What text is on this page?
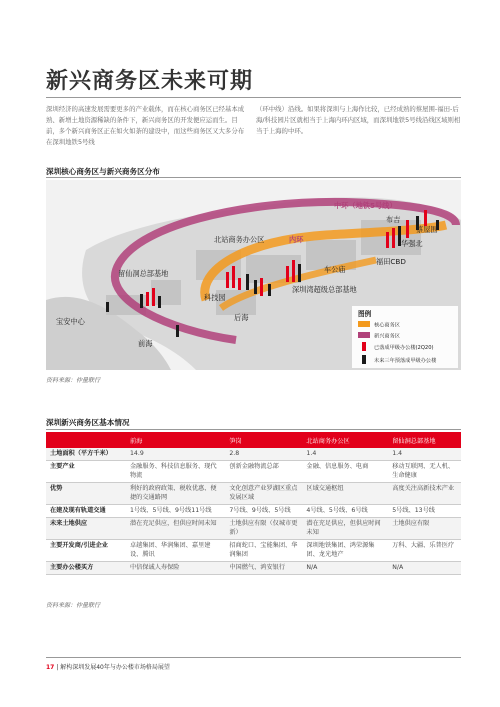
新兴商务区未来可期
深圳经济的高速发展需要更多的产业载体，而在核心商务区已经基本成熟、新增土地资源稀缺的条件下，新兴商务区的开发便应运而生。目前，多个新兴商务区正在如火如荼的建设中，而这些商务区又大多分布在深圳地铁5号线
（环中线）沿线。如果将深圳与上海作比较，已经成熟的蔡屋围-福田-后海/科技园片区就相当于上海内环内区域，而深圳地铁5号线沿线区域则相当于上海的中环。
深圳核心商务区与新兴商务区分布
中环（地铁5号线）
内环
布吉
蔡屋围
华强北
福田CBD
车公庙
北站商务办公区
留仙洞总部基地
科技园
后海
深圳湾超级总部基地
宝安中心
前海
图例
核心商务区
新兴商务区
已落成甲级办公楼(2Q20)
未来三年预落成甲级办公楼
资料来源：仲量联行
深圳新兴商务区基本情况
	前海	笋岗	北站商务办公区	留仙洞总部基地
土地面积（平方千米）	14.9	2.8	1.4	1.4
主要产业	金融服务、科技信息服务、现代物流	创新金融物流总部	金融、信息服务、电商	移动互联网、无人机、生命健康
优势	利好的政府政策、税收优惠、便捷的交通路网	文化创意产业罗湖区重点发展区域	区域交通枢纽	高度关注高新技术产业
在建及现有轨道交通	1号线、5号线、9号线11号线	7号线、9号线、5号线	4号线、5号线、6号线	5号线、13号线
未来土地供应	潜在充足供应，但供应时间未知	土地供应有限（仅城市更新）	潜在充足供应，但供应时间未知	土地供应有限
主要开发商/引进企业	卓越集团、华润集团、嘉里建设、腾讯	招商蛇口、宝能集团、华润集团	深圳地铁集团、鸿荣源集团、龙光地产	万科、大疆、乐普医疗
主要办公楼买方	中信保诚人寿保险	中国燃气、鸿安银行	N/A	N/A
资料来源：仲量联行
17 | 解构深圳发展40年与办公楼市场格局展望
